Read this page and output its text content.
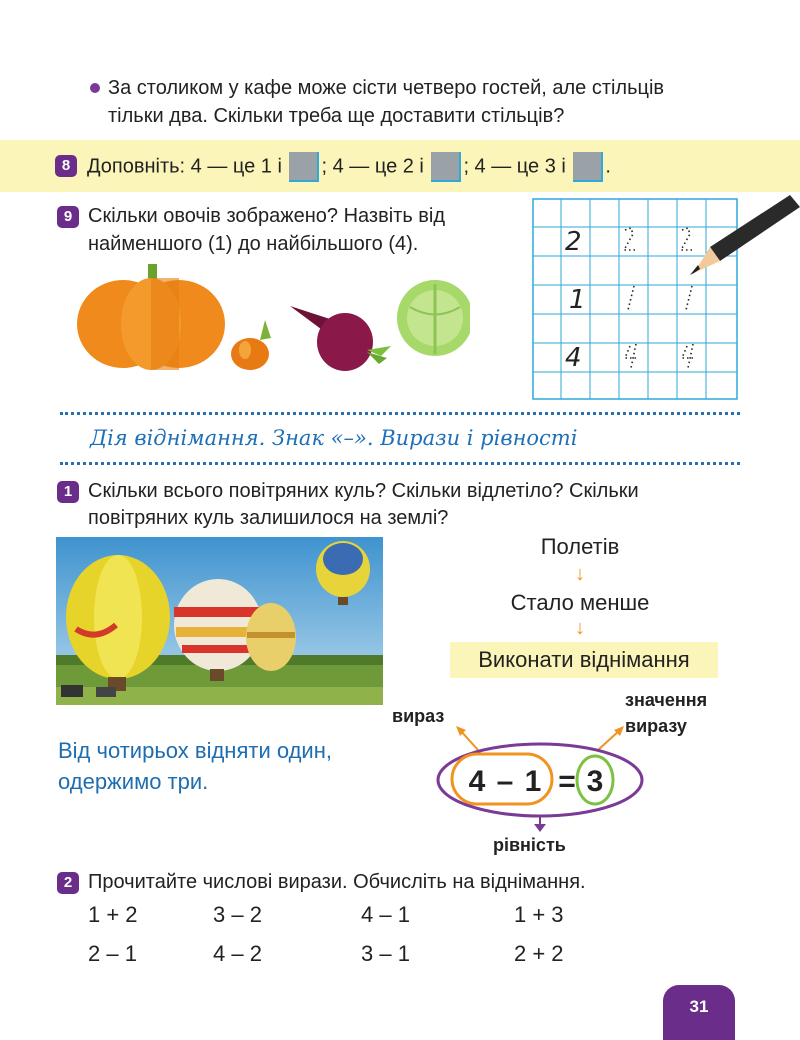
За столиком у кафе може сісти четверо гостей, але стільців
тільки два. Скільки треба ще доставити стільців?
8 Доповніть: 4 — це 1 і ; 4 — це 2 і ; 4 — це 3 і .
9 Скільки овочів зображено? Назвіть від
найменшого (1) до найбільшого (4).	2
1
4
Дія віднімання. Знак «–». Вирази і рівності
1 Скільки всього повітряних куль? Скільки відлетіло? Скільки
повітряних куль залишилося на землі?
Полетів
↓
Стало менше
↓
Виконати віднімання
Від чотирьох відняти один,
одержимо три.
вираз
значення
виразу
рівність
4 – 1 = 3
2 Прочитайте числові вирази. Обчисліть на віднімання.
1 + 2	3 – 2	4 – 1	1 + 3
2 – 1	4 – 2	3 – 1	2 + 2
31
